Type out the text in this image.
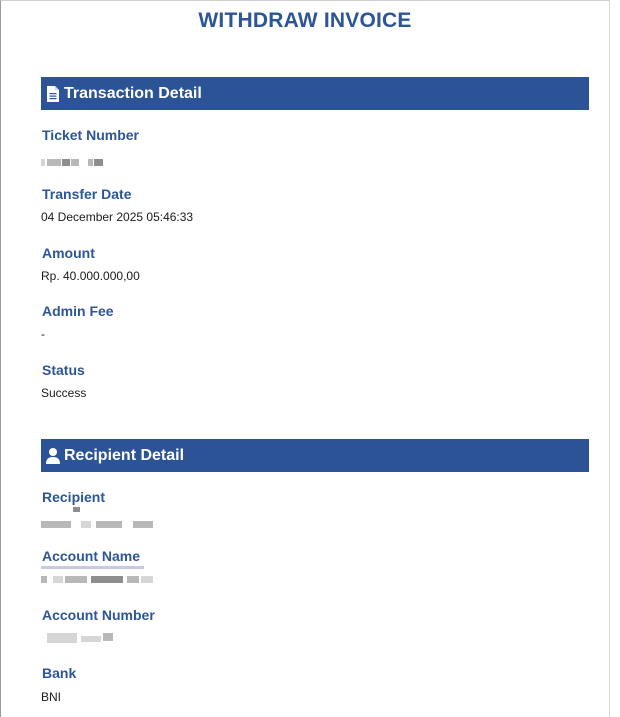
WITHDRAW INVOICE
Transaction Detail
Ticket Number
Transfer Date
04 December 2025 05:46:33
Amount
Rp. 40.000.000,00
Admin Fee
-
Status
Success
Recipient Detail
Recipient
Account Name
Account Number
Bank
BNI
